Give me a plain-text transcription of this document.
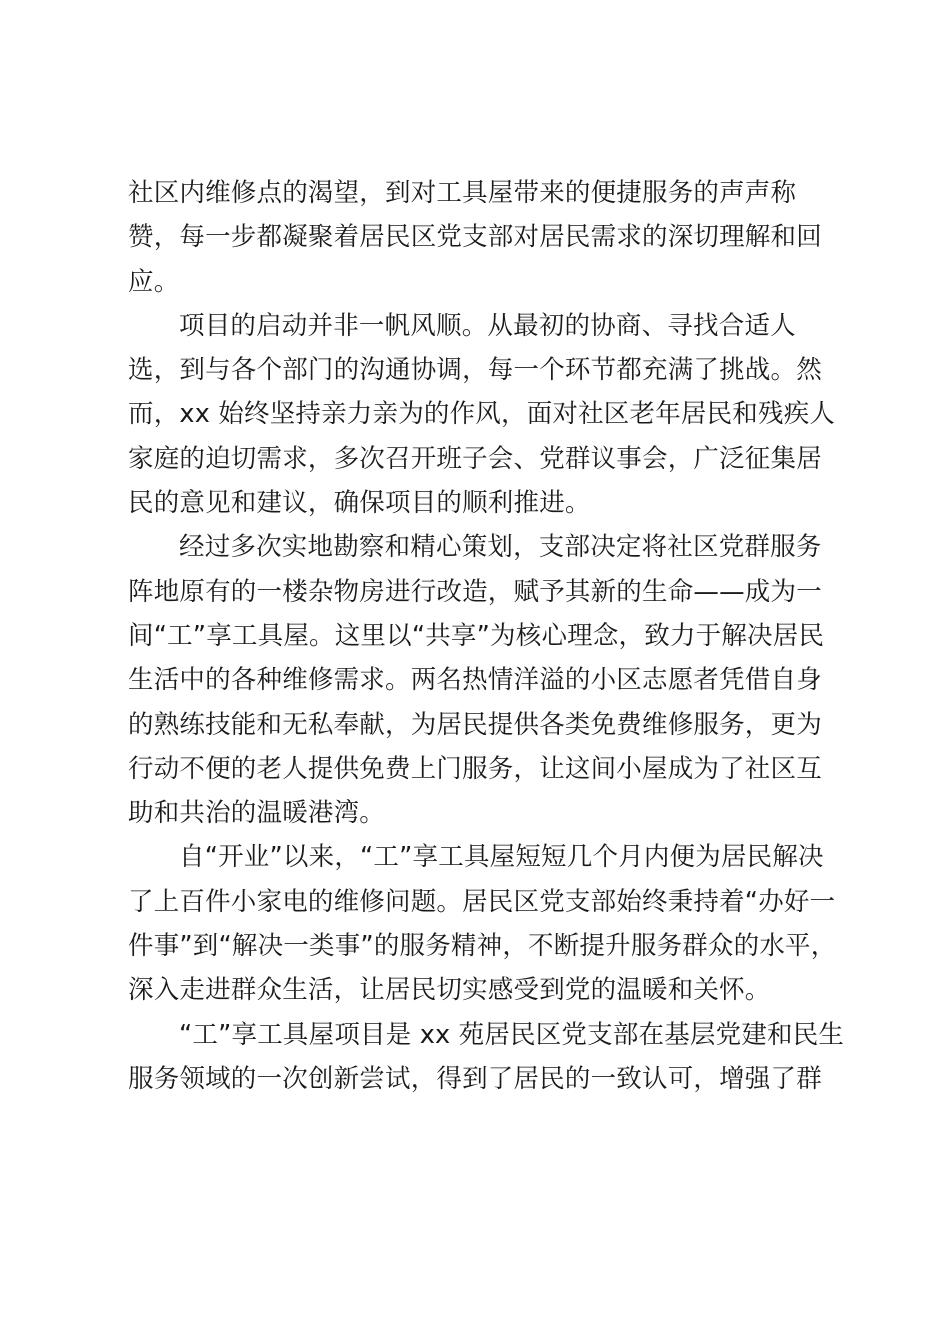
社区内维修点的渴望，到对工具屋带来的便捷服务的声声称
赞，每一步都凝聚着居民区党支部对居民需求的深切理解和回
应。
项目的启动并非一帆风顺。从最初的协商、寻找合适人
选，到与各个部门的沟通协调，每一个环节都充满了挑战。然
而，xx 始终坚持亲力亲为的作风，面对社区老年居民和残疾人
家庭的迫切需求，多次召开班子会、党群议事会，广泛征集居
民的意见和建议，确保项目的顺利推进。
经过多次实地勘察和精心策划，支部决定将社区党群服务
阵地原有的一楼杂物房进行改造，赋予其新的生命——成为一
间“工”享工具屋。这里以“共享”为核心理念，致力于解决居民
生活中的各种维修需求。两名热情洋溢的小区志愿者凭借自身
的熟练技能和无私奉献，为居民提供各类免费维修服务，更为
行动不便的老人提供免费上门服务，让这间小屋成为了社区互
助和共治的温暖港湾。
自“开业”以来，“工”享工具屋短短几个月内便为居民解决
了上百件小家电的维修问题。居民区党支部始终秉持着“办好一
件事”到“解决一类事”的服务精神，不断提升服务群众的水平，
深入走进群众生活，让居民切实感受到党的温暖和关怀。
“工”享工具屋项目是 xx 苑居民区党支部在基层党建和民生
服务领域的一次创新尝试，得到了居民的一致认可，增强了群
